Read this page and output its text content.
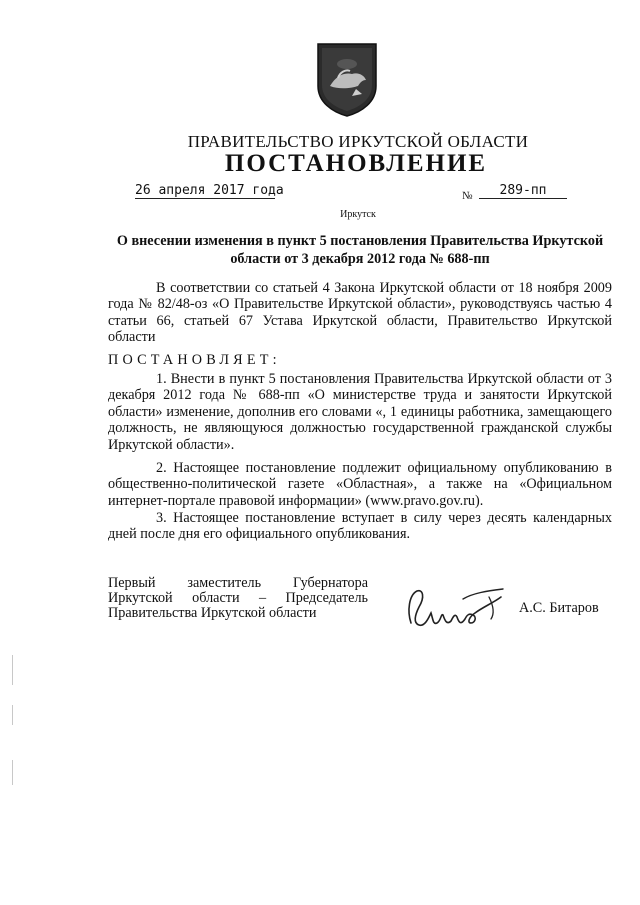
ПРАВИТЕЛЬСТВО ИРКУТСКОЙ ОБЛАСТИ
ПОСТАНОВЛЕНИЕ
26 апреля 2017 года	№	289-пп
Иркутск
О внесении изменения в пункт 5 постановления Правительства Иркутской области от 3 декабря 2012 года № 688-пп
В соответствии со статьей 4 Закона Иркутской области от 18 ноября 2009 года № 82/48-оз «О Правительстве Иркутской области», руководствуясь частью 4 статьи 66, статьей 67 Устава Иркутской области, Правительство Иркутской области
ПОСТАНОВЛЯЕТ:
1. Внести в пункт 5 постановления Правительства Иркутской области от 3 декабря 2012 года № 688-пп «О министерстве труда и занятости Иркутской области» изменение, дополнив его словами «, 1 единицы работника, замещающего должность, не являющуюся должностью государственной гражданской службы Иркутской области».
2. Настоящее постановление подлежит официальному опубликованию в общественно-политической газете «Областная», а также на «Официальном интернет-портале правовой информации» (www.pravo.gov.ru).
3. Настоящее постановление вступает в силу через десять календарных дней после дня его официального опубликования.
Первый заместитель Губернатора
Иркутской области – Председатель
Правительства Иркутской области	А.С. Битаров
